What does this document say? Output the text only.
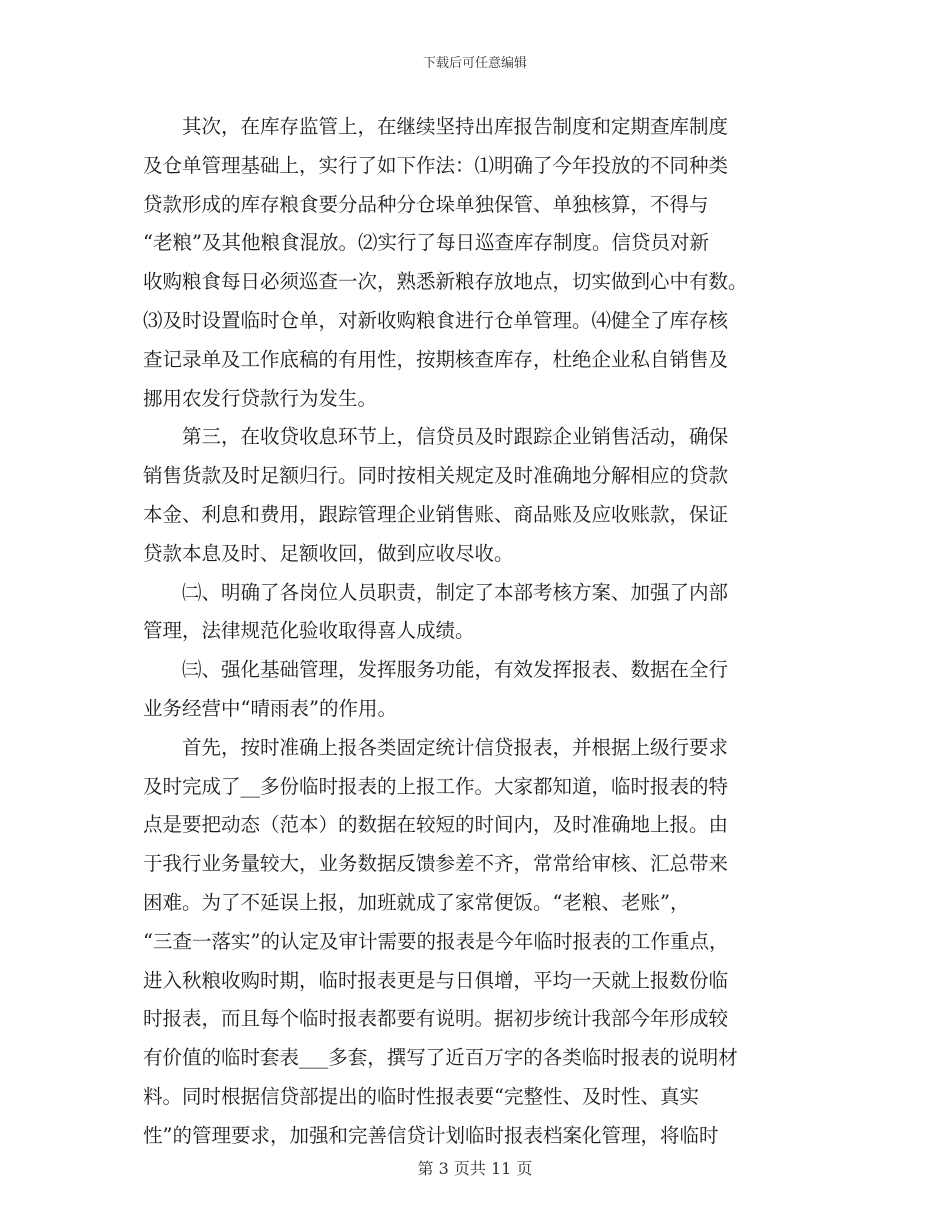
下载后可任意编辑
　　其次，在库存监管上，在继续坚持出库报告制度和定期查库制度
及仓单管理基础上，实行了如下作法：⑴明确了今年投放的不同种类
贷款形成的库存粮食要分品种分仓垛单独保管、单独核算，不得与
“老粮”及其他粮食混放。⑵实行了每日巡查库存制度。信贷员对新
收购粮食每日必须巡查一次，熟悉新粮存放地点，切实做到心中有数。
⑶及时设置临时仓单，对新收购粮食进行仓单管理。⑷健全了库存核
查记录单及工作底稿的有用性，按期核查库存，杜绝企业私自销售及
挪用农发行贷款行为发生。
　　第三，在收贷收息环节上，信贷员及时跟踪企业销售活动，确保
销售货款及时足额归行。同时按相关规定及时准确地分解相应的贷款
本金、利息和费用，跟踪管理企业销售账、商品账及应收账款，保证
贷款本息及时、足额收回，做到应收尽收。
　　㈡、明确了各岗位人员职责，制定了本部考核方案、加强了内部
管理，法律规范化验收取得喜人成绩。
　　㈢、强化基础管理，发挥服务功能，有效发挥报表、数据在全行
业务经营中“晴雨表”的作用。
　　首先，按时准确上报各类固定统计信贷报表，并根据上级行要求
及时完成了__多份临时报表的上报工作。大家都知道，临时报表的特
点是要把动态（范本）的数据在较短的时间内，及时准确地上报。由
于我行业务量较大，业务数据反馈参差不齐，常常给审核、汇总带来
困难。为了不延误上报，加班就成了家常便饭。“老粮、老账”，
“三查一落实”的认定及审计需要的报表是今年临时报表的工作重点，
进入秋粮收购时期，临时报表更是与日俱增，平均一天就上报数份临
时报表，而且每个临时报表都要有说明。据初步统计我部今年形成较
有价值的临时套表___多套，撰写了近百万字的各类临时报表的说明材
料。同时根据信贷部提出的临时性报表要“完整性、及时性、真实
性”的管理要求，加强和完善信贷计划临时报表档案化管理，将临时
第 3 页共 11 页
